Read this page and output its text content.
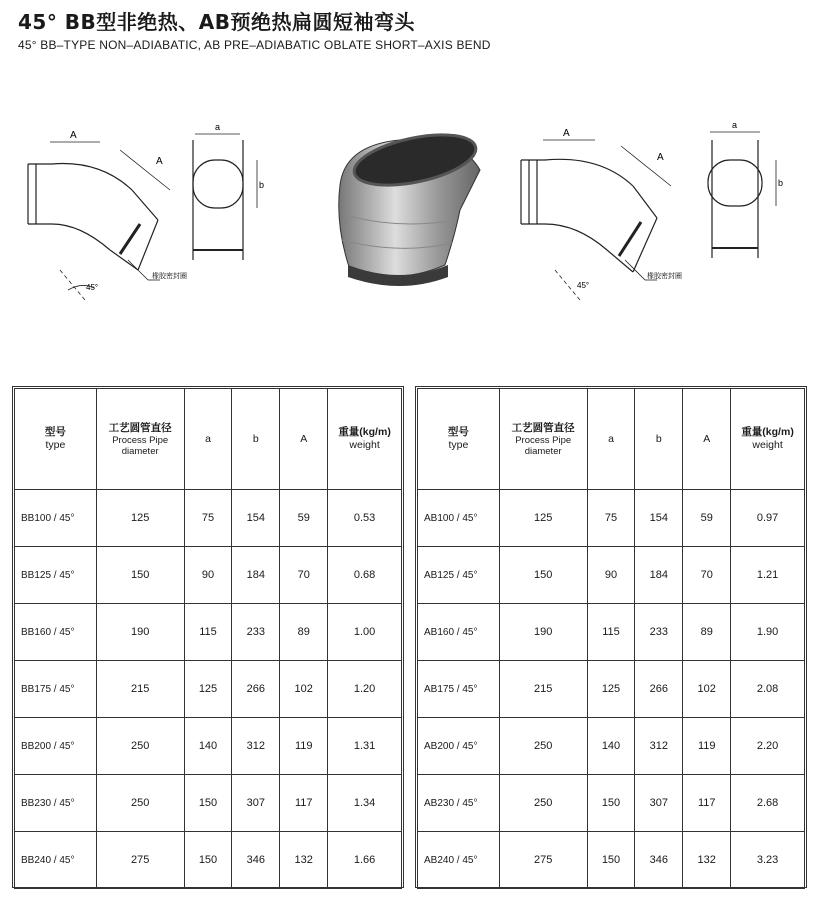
45° BB型非绝热、AB预绝热扁圆短袖弯头
45° BB–TYPE NON–ADIABATIC, AB PRE–ADIABATIC OBLATE SHORT–AXIS BEND
A
A
45°
橡胶密封圈
a
b
A
A
45°
橡胶密封圈
a
b
型号
type	工艺圆管直径
Process Pipe
diameter	a	b	A	重量(kg/m)
weight
BB100 / 45°	125	75	154	59	0.53
BB125 / 45°	150	90	184	70	0.68
BB160 / 45°	190	115	233	89	1.00
BB175 / 45°	215	125	266	102	1.20
BB200 / 45°	250	140	312	119	1.31
BB230 / 45°	250	150	307	117	1.34
BB240 / 45°	275	150	346	132	1.66
型号
type	工艺圆管直径
Process Pipe
diameter	a	b	A	重量(kg/m)
weight
AB100 / 45°	125	75	154	59	0.97
AB125 / 45°	150	90	184	70	1.21
AB160 / 45°	190	115	233	89	1.90
AB175 / 45°	215	125	266	102	2.08
AB200 / 45°	250	140	312	119	2.20
AB230 / 45°	250	150	307	117	2.68
AB240 / 45°	275	150	346	132	3.23
